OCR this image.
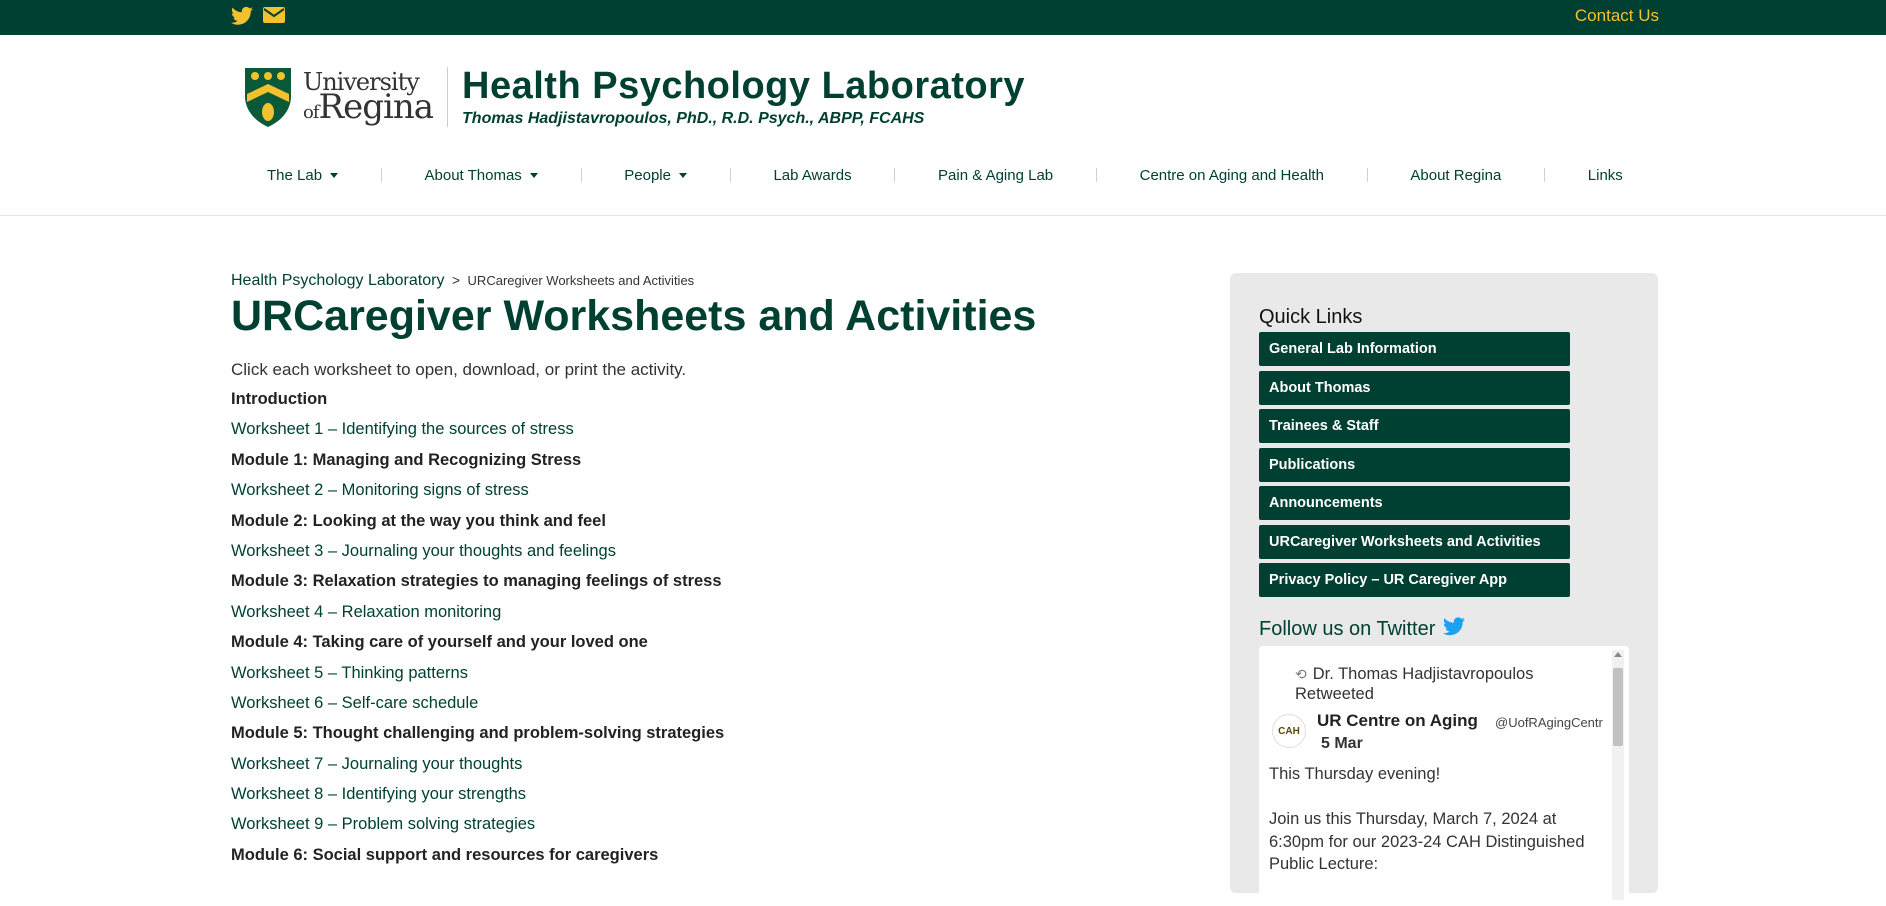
Contact Us
University
ofRegina Health Psychology Laboratory
Thomas Hadjistavropoulos, PhD., R.D. Psych., ABPP, FCAHS
The Lab	About Thomas	People	Lab Awards	Pain & Aging Lab	Centre on Aging and Health	About Regina	Links
Health Psychology Laboratory > URCaregiver Worksheets and Activities
URCaregiver Worksheets and Activities
Click each worksheet to open, download, or print the activity.
Introduction
Worksheet 1 – Identifying the sources of stress
Module 1: Managing and Recognizing Stress
Worksheet 2 – Monitoring signs of stress
Module 2: Looking at the way you think and feel
Worksheet 3 – Journaling your thoughts and feelings
Module 3: Relaxation strategies to managing feelings of stress
Worksheet 4 – Relaxation monitoring
Module 4: Taking care of yourself and your loved one
Worksheet 5 – Thinking patterns
Worksheet 6 – Self-care schedule
Module 5: Thought challenging and problem-solving strategies
Worksheet 7 – Journaling your thoughts
Worksheet 8 – Identifying your strengths
Worksheet 9 – Problem solving strategies
Module 6: Social support and resources for caregivers
Quick Links
General Lab Information
About Thomas
Trainees & Staff
Publications
Announcements
URCaregiver Worksheets and Activities
Privacy Policy – UR Caregiver App
Follow us on Twitter
⟲ Dr. Thomas Hadjistavropoulos Retweeted
CAH
UR Centre on Aging @UofRAgingCentr
5 Mar
This Thursday evening!

Join us this Thursday, March 7, 2024 at 6:30pm for our 2023-24 CAH Distinguished Public Lecture:
